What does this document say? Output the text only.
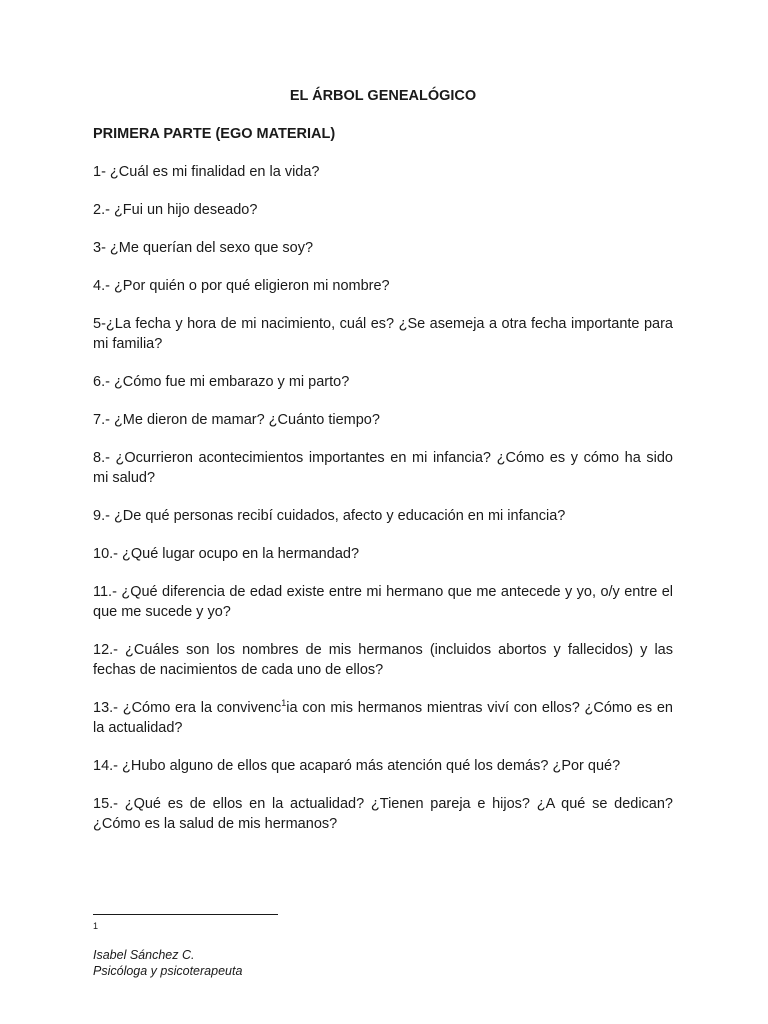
EL ÁRBOL GENEALÓGICO

PRIMERA PARTE (EGO MATERIAL)

1- ¿Cuál es mi finalidad en la vida?

2.- ¿Fui un hijo deseado?

3- ¿Me querían del sexo que soy?

4.- ¿Por quién o por qué eligieron mi nombre?

5-¿La fecha y hora de mi nacimiento, cuál es? ¿Se asemeja a otra fecha importante para mi familia?

6.- ¿Cómo fue mi embarazo y mi parto?

7.- ¿Me dieron de mamar? ¿Cuánto tiempo?

8.- ¿Ocurrieron acontecimientos importantes en mi infancia? ¿Cómo es y cómo ha sido mi salud?

9.- ¿De qué personas recibí cuidados, afecto y educación en mi infancia?

10.- ¿Qué lugar ocupo en la hermandad?

11.- ¿Qué diferencia de edad existe entre mi hermano que me antecede y yo, o/y entre el que me sucede y yo?

12.- ¿Cuáles son los nombres de mis hermanos (incluidos abortos y fallecidos) y las fechas de nacimientos de cada uno de ellos?

13.- ¿Cómo era la convivenc$^1$ia con mis hermanos mientras viví con ellos? ¿Cómo es en la actualidad?

14.- ¿Hubo alguno de ellos que acaparó más atención qué los demás? ¿Por qué?

15.- ¿Qué es de ellos en la actualidad? ¿Tienen pareja e hijos? ¿A qué se dedican? ¿Cómo es la salud de mis hermanos?

1
Isabel Sánchez C.
Psicóloga y psicoterapeuta
